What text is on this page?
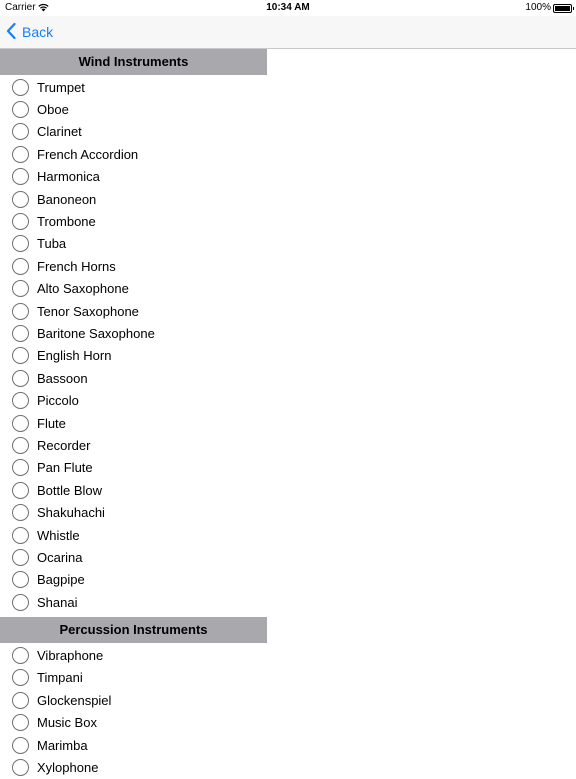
Carrier	10:34 AM	100%
Back
Wind Instruments
Trumpet
Oboe
Clarinet
French Accordion
Harmonica
Banoneon
Trombone
Tuba
French Horns
Alto Saxophone
Tenor Saxophone
Baritone Saxophone
English Horn
Bassoon
Piccolo
Flute
Recorder
Pan Flute
Bottle Blow
Shakuhachi
Whistle
Ocarina
Bagpipe
Shanai
Percussion Instruments
Vibraphone
Timpani
Glockenspiel
Music Box
Marimba
Xylophone
